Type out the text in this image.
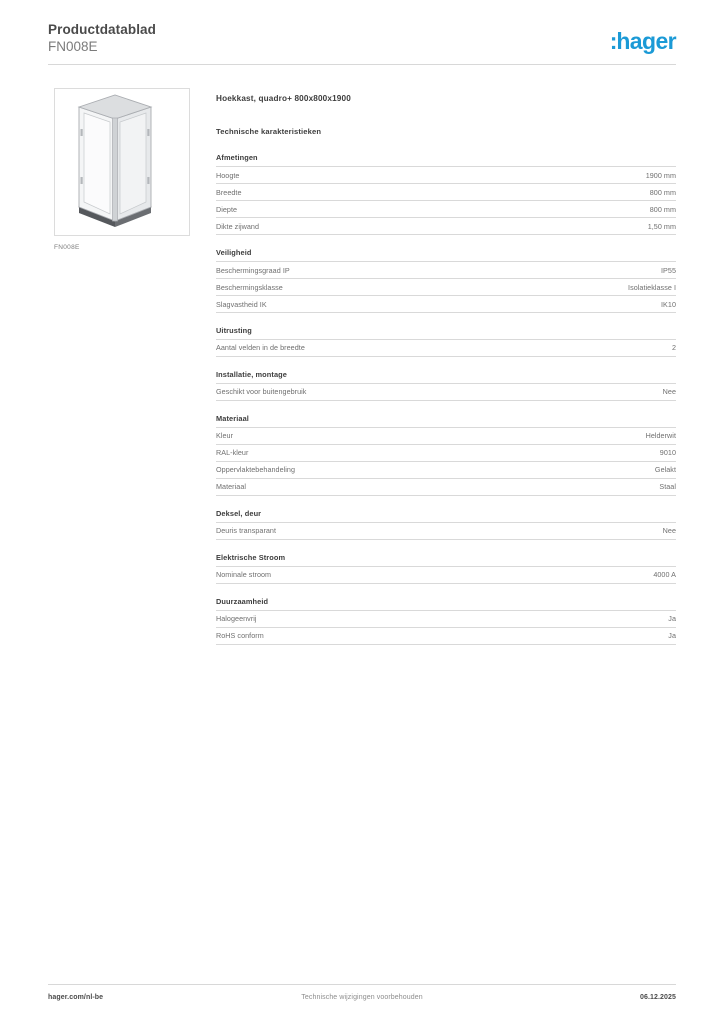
Productdatablad
FN008E	:hager
FN008E
Hoekkast, quadro+ 800x800x1900
Technische karakteristieken
Afmetingen
Hoogte	1900 mm
Breedte	800 mm
Diepte	800 mm
Dikte zijwand	1,50 mm
Veiligheid
Beschermingsgraad IP	IP55
Beschermingsklasse	Isolatieklasse I
Slagvastheid IK	IK10
Uitrusting
Aantal velden in de breedte	2
Installatie, montage
Geschikt voor buitengebruik	Nee
Materiaal
Kleur	Helderwit
RAL-kleur	9010
Oppervlaktebehandeling	Gelakt
Materiaal	Staal
Deksel, deur
Deuris transparant	Nee
Elektrische Stroom
Nominale stroom	4000 A
Duurzaamheid
Halogeenvrij	Ja
RoHS conform	Ja
hager.com/nl-be	Technische wijzigingen voorbehouden	06.12.2025
